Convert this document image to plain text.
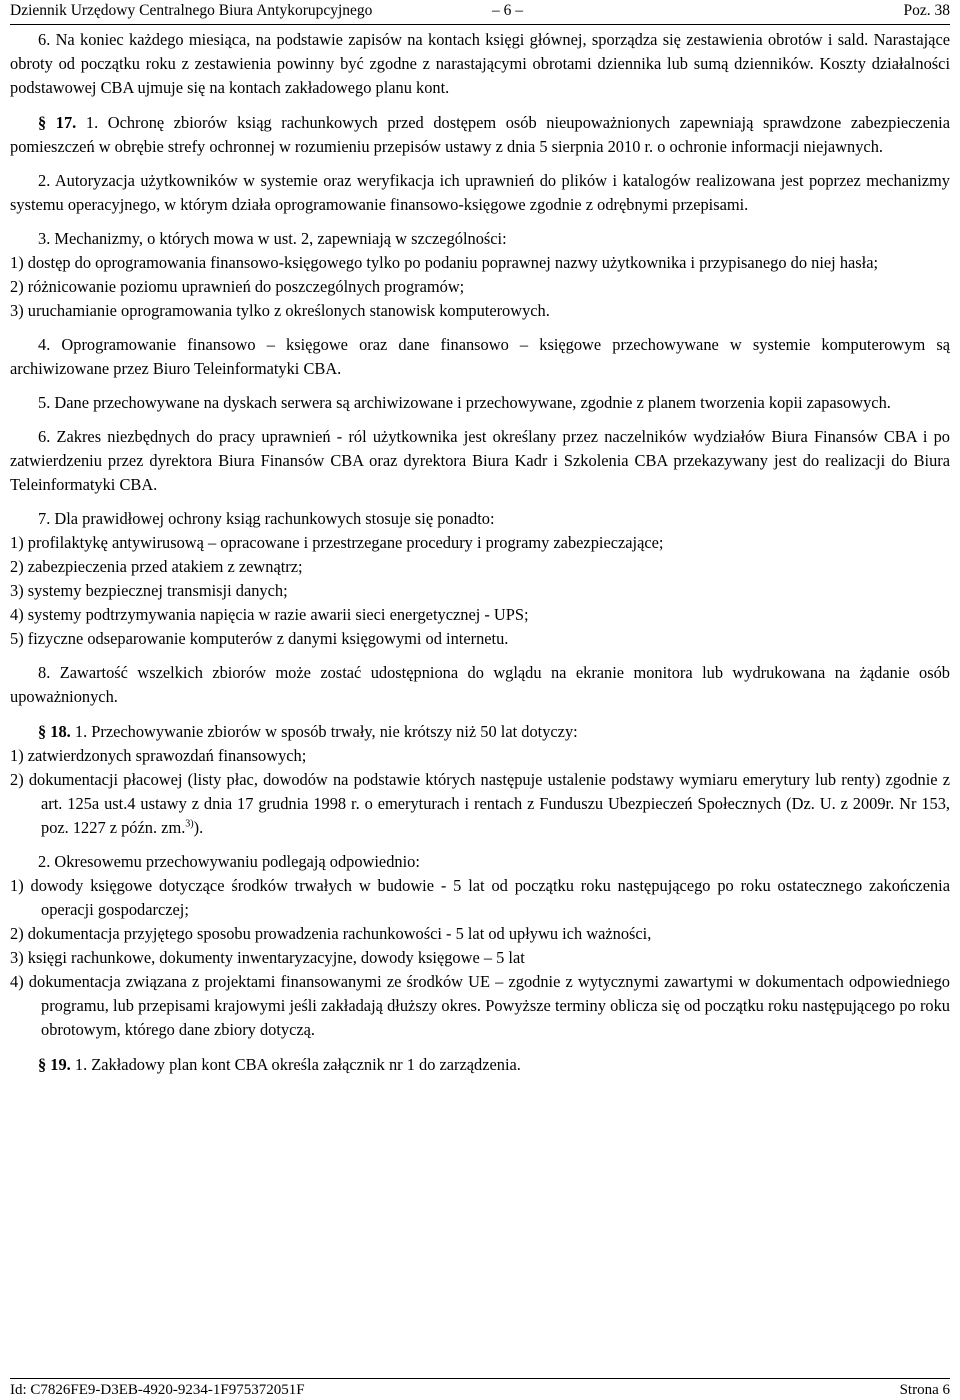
Dziennik Urzędowy Centralnego Biura Antykorupcyjnego	– 6 –	Poz. 38

6. Na koniec każdego miesiąca, na podstawie zapisów na kontach księgi głównej, sporządza się zestawienia obrotów i sald. Narastające obroty od początku roku z zestawienia powinny być zgodne z narastającymi obrotami dziennika lub sumą dzienników. Koszty działalności podstawowej CBA ujmuje się na kontach zakładowego planu kont.

§ 17. 1. Ochronę zbiorów ksiąg rachunkowych przed dostępem osób nieupoważnionych zapewniają sprawdzone zabezpieczenia pomieszczeń w obrębie strefy ochronnej w rozumieniu przepisów ustawy z dnia 5 sierpnia 2010 r. o ochronie informacji niejawnych.

2. Autoryzacja użytkowników w systemie oraz weryfikacja ich uprawnień do plików i katalogów realizowana jest poprzez mechanizmy systemu operacyjnego, w którym działa oprogramowanie finansowo-księgowe zgodnie z odrębnymi przepisami.

3. Mechanizmy, o których mowa w ust. 2, zapewniają w szczególności:

1) dostęp do oprogramowania finansowo-księgowego tylko po podaniu poprawnej nazwy użytkownika i przypisanego do niej hasła;

2) różnicowanie poziomu uprawnień do poszczególnych programów;

3) uruchamianie oprogramowania tylko z określonych stanowisk komputerowych.

4. Oprogramowanie finansowo – księgowe oraz dane finansowo – księgowe przechowywane w systemie komputerowym są archiwizowane przez Biuro Teleinformatyki CBA.

5. Dane przechowywane na dyskach serwera są archiwizowane i przechowywane, zgodnie z planem tworzenia kopii zapasowych.

6. Zakres niezbędnych do pracy uprawnień - ról użytkownika jest określany przez naczelników wydziałów Biura Finansów CBA i po zatwierdzeniu przez dyrektora Biura Finansów CBA oraz dyrektora Biura Kadr i Szkolenia CBA przekazywany jest do realizacji do Biura Teleinformatyki CBA.

7. Dla prawidłowej ochrony ksiąg rachunkowych stosuje się ponadto:

1) profilaktykę antywirusową – opracowane i przestrzegane procedury i programy zabezpieczające;

2) zabezpieczenia przed atakiem z zewnątrz;

3) systemy bezpiecznej transmisji danych;

4) systemy podtrzymywania napięcia w razie awarii sieci energetycznej - UPS;

5) fizyczne odseparowanie komputerów z danymi księgowymi od internetu.

8. Zawartość wszelkich zbiorów może zostać udostępniona do wglądu na ekranie monitora lub wydrukowana na żądanie osób upoważnionych.

§ 18. 1. Przechowywanie zbiorów w sposób trwały, nie krótszy niż 50 lat dotyczy:

1) zatwierdzonych sprawozdań finansowych;

2) dokumentacji płacowej (listy płac, dowodów na podstawie których następuje ustalenie podstawy wymiaru emerytury lub renty) zgodnie z art. 125a ust.4 ustawy z dnia 17 grudnia 1998 r. o emeryturach i rentach z Funduszu Ubezpieczeń Społecznych (Dz. U. z 2009r. Nr 153, poz. 1227 z późn. zm.$^{3)}$).

2. Okresowemu przechowywaniu podlegają odpowiednio:

1) dowody księgowe dotyczące środków trwałych w budowie - 5 lat od początku roku następującego po roku ostatecznego zakończenia operacji gospodarczej;

2) dokumentacja przyjętego sposobu prowadzenia rachunkowości - 5 lat od upływu ich ważności,

3) księgi rachunkowe, dokumenty inwentaryzacyjne, dowody księgowe – 5 lat

4) dokumentacja związana z projektami finansowanymi ze środków UE – zgodnie z wytycznymi zawartymi w dokumentach odpowiedniego programu, lub przepisami krajowymi jeśli zakładają dłuższy okres. Powyższe terminy oblicza się od początku roku następującego po roku obrotowym, którego dane zbiory dotyczą.

§ 19. 1. Zakładowy plan kont CBA określa załącznik nr 1 do zarządzenia.

Id: C7826FE9-D3EB-4920-9234-1F975372051F	Strona 6
